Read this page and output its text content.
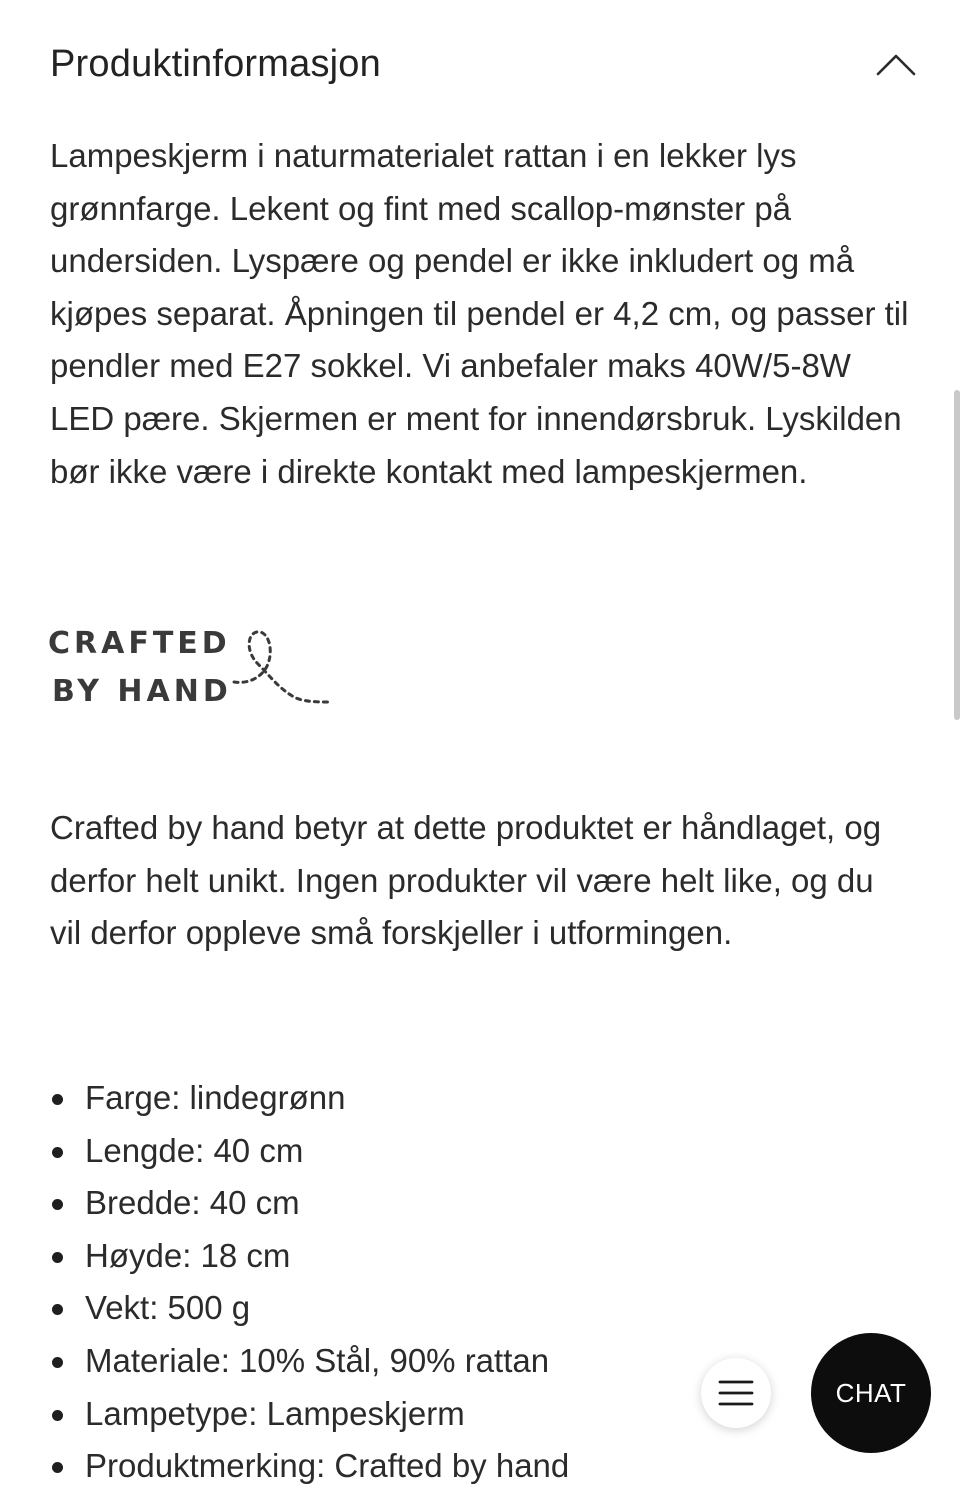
Produktinformasjon

Lampeskjerm i naturmaterialet rattan i en lekker lys grønnfarge. Lekent og fint med scallop-mønster på undersiden. Lyspære og pendel er ikke inkludert og må kjøpes separat. Åpningen til pendel er 4,2 cm, og passer til pendler med E27 sokkel. Vi anbefaler maks 40W/5-8W LED pære. Skjermen er ment for innendørsbruk. Lyskilden bør ikke være i direkte kontakt med lampeskjermen.

CRAFTED
BY HAND

Crafted by hand betyr at dette produktet er håndlaget, og derfor helt unikt. Ingen produkter vil være helt like, og du vil derfor oppleve små forskjeller i utformingen.

Farge: lindegrønn
Lengde: 40 cm
Bredde: 40 cm
Høyde: 18 cm
Vekt: 500 g
Materiale: 10% Stål, 90% rattan
Lampetype: Lampeskjerm
Produktmerking: Crafted by hand
CHAT
